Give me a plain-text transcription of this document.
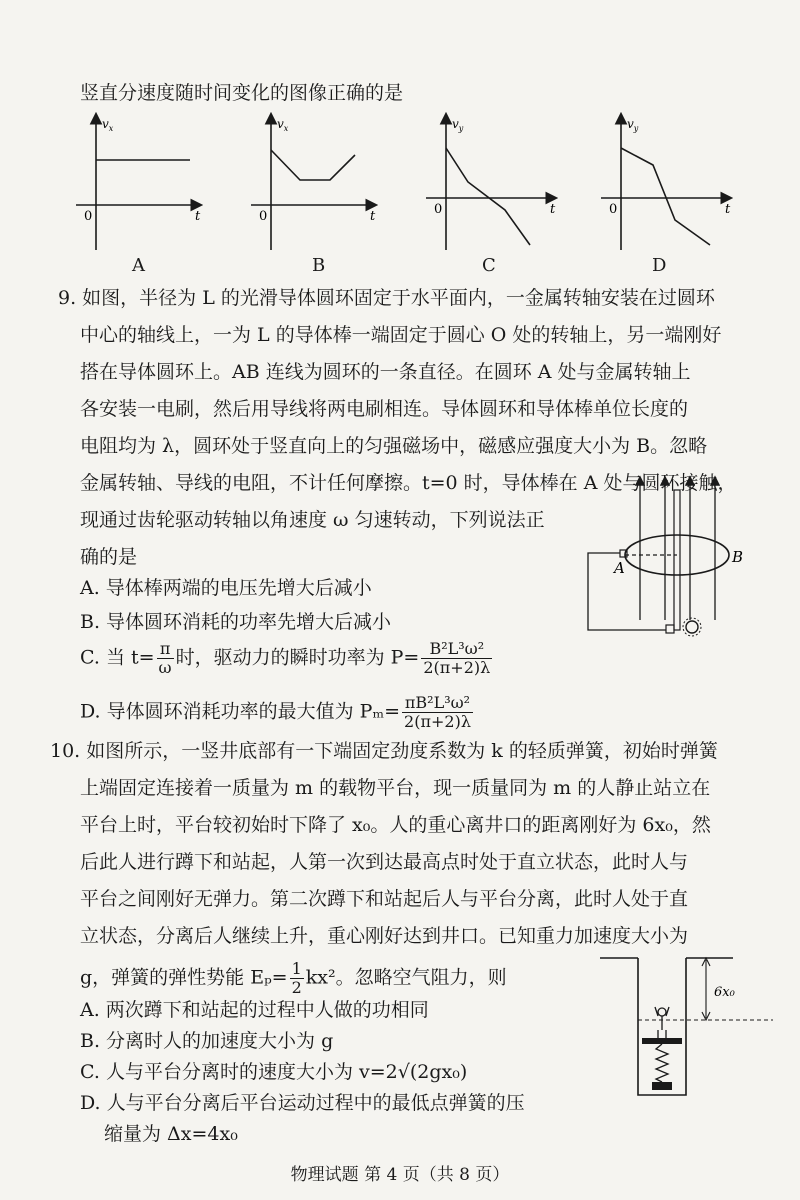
竖直分速度随时间变化的图像正确的是
$v_x$
0	t
$v_x$
0	t
$v_y$
0	t
$v_y$
0	t
A	B	C	D
9. 如图，半径为 L 的光滑导体圆环固定于水平面内，一金属转轴安装在过圆环
中心的轴线上，一为 L 的导体棒一端固定于圆心 O 处的转轴上，另一端刚好
搭在导体圆环上。AB 连线为圆环的一条直径。在圆环 A 处与金属转轴上
各安装一电刷，然后用导线将两电刷相连。导体圆环和导体棒单位长度的
电阻均为 λ，圆环处于竖直向上的匀强磁场中，磁感应强度大小为 B。忽略
金属转轴、导线的电阻，不计任何摩擦。t=0 时，导体棒在 A 处与圆环接触，
现通过齿轮驱动转轴以角速度 ω 匀速转动，下列说法正
确的是
A. 导体棒两端的电压先增大后减小
B. 导体圆环消耗的功率先增大后减小
C. 当 $t= \frac{\pi}{\omega}$ 时，驱动力的瞬时功率为 $P= \frac{\text{B²L³ω²}}{2(\pi+2)\lambda}$
D. 导体圆环消耗功率的最大值为 $P_m= \frac{\text{πB²L³ω²}}{2(\pi+2)\lambda}$
A
B
10. 如图所示，一竖井底部有一下端固定劲度系数为 k 的轻质弹簧，初始时弹簧
上端固定连接着一质量为 m 的载物平台，现一质量同为 m 的人静止站立在
平台上时，平台较初始时下降了 x₀。人的重心离井口的距离刚好为 6x₀，然
后此人进行蹲下和站起，人第一次到达最高点时处于直立状态，此时人与
平台之间刚好无弹力。第二次蹲下和站起后人与平台分离，此时人处于直
立状态，分离后人继续上升，重心刚好达到井口。已知重力加速度大小为
g，弹簧的弹性势能 $E_p= \frac{1}{2} kx^2$。忽略空气阻力，则
A. 两次蹲下和站起的过程中人做的功相同
B. 分离时人的加速度大小为 g
C. 人与平台分离时的速度大小为 v=2√(2gx₀)
D. 人与平台分离后平台运动过程中的最低点弹簧的压
缩量为 Δx=4x₀
6x₀
物理试题 第 4 页（共 8 页）
